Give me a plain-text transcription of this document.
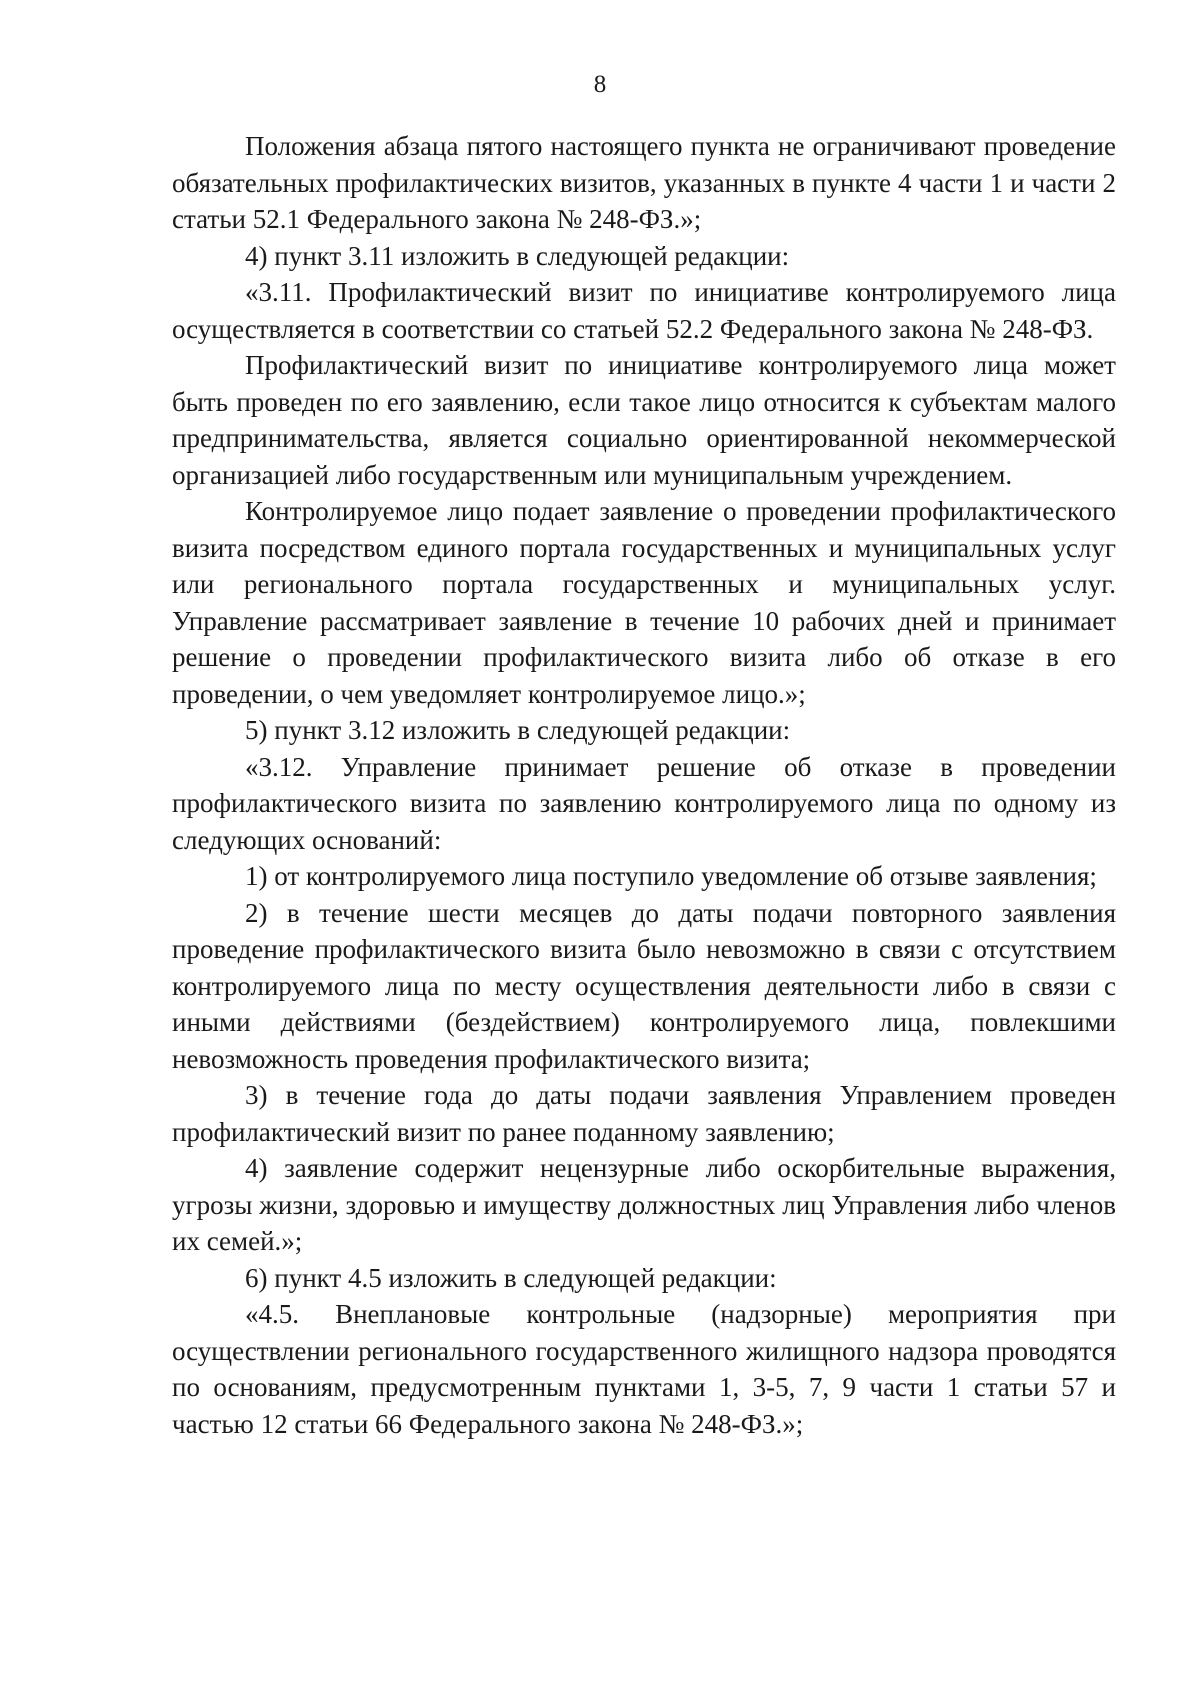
8

Положения абзаца пятого настоящего пункта не ограничивают проведение обязательных профилактических визитов, указанных в пункте 4 части 1 и части 2 статьи 52.1 Федерального закона № 248-ФЗ.»;

4) пункт 3.11 изложить в следующей редакции:

«3.11. Профилактический визит по инициативе контролируемого лица осуществляется в соответствии со статьей 52.2 Федерального закона № 248-ФЗ.

Профилактический визит по инициативе контролируемого лица может быть проведен по его заявлению, если такое лицо относится к субъектам малого предпринимательства, является социально ориентированной некоммерческой организацией либо государственным или муниципальным учреждением.

Контролируемое лицо подает заявление о проведении профилактического визита посредством единого портала государственных и муниципальных услуг или регионального портала государственных и муниципальных услуг. Управление рассматривает заявление в течение 10 рабочих дней и принимает решение о проведении профилактического визита либо об отказе в его проведении, о чем уведомляет контролируемое лицо.»;

5) пункт 3.12 изложить в следующей редакции:

«3.12. Управление принимает решение об отказе в проведении профилактического визита по заявлению контролируемого лица по одному из следующих оснований:

1) от контролируемого лица поступило уведомление об отзыве заявления;

2) в течение шести месяцев до даты подачи повторного заявления проведение профилактического визита было невозможно в связи с отсутствием контролируемого лица по месту осуществления деятельности либо в связи с иными действиями (бездействием) контролируемого лица, повлекшими невозможность проведения профилактического визита;

3) в течение года до даты подачи заявления Управлением проведен профилактический визит по ранее поданному заявлению;

4) заявление содержит нецензурные либо оскорбительные выражения, угрозы жизни, здоровью и имуществу должностных лиц Управления либо членов их семей.»;

6) пункт 4.5 изложить в следующей редакции:

«4.5. Внеплановые контрольные (надзорные) мероприятия при осуществлении регионального государственного жилищного надзора проводятся по основаниям, предусмотренным пунктами 1, 3-5, 7, 9 части 1 статьи 57 и частью 12 статьи 66 Федерального закона № 248-ФЗ.»;
